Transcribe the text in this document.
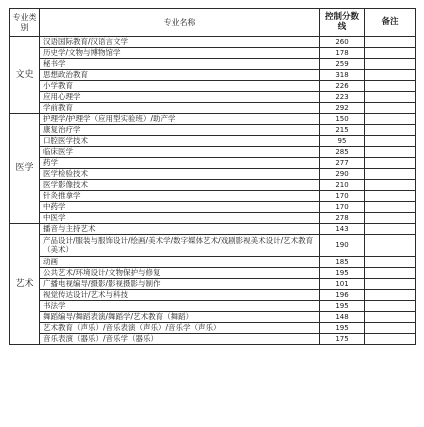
专业类别	专业名称	控制分数线	备注
文史	汉语国际教育/汉语言文学	260	
	历史学/文物与博物馆学	178	
	秘书学	259	
	思想政治教育	318	
	小学教育	226	
	应用心理学	223	
	学前教育	292	
医学	护理学/护理学（应用型实验班）/助产学	150	
	康复治疗学	215	
	口腔医学技术	95	
	临床医学	285	
	药学	277	
	医学检验技术	290	
	医学影像技术	210	
	针灸推拿学	170	
	中药学	170	
	中医学	278	
艺术	播音与主持艺术	143	
	产品设计/服装与服饰设计/绘画/美术学/数字媒体艺术/戏剧影视美术设计/艺术教育（美术）	190	
	动画	185	
	公共艺术/环境设计/文物保护与修复	195	
	广播电视编导/摄影/影视摄影与制作	101	
	视觉传达设计/艺术与科技	196	
	书法学	195	
	舞蹈编导/舞蹈表演/舞蹈学/艺术教育（舞蹈）	148	
	艺术教育（声乐）/音乐表演（声乐）/音乐学（声乐）	195	
	音乐表演（器乐）/音乐学（器乐）	175	
